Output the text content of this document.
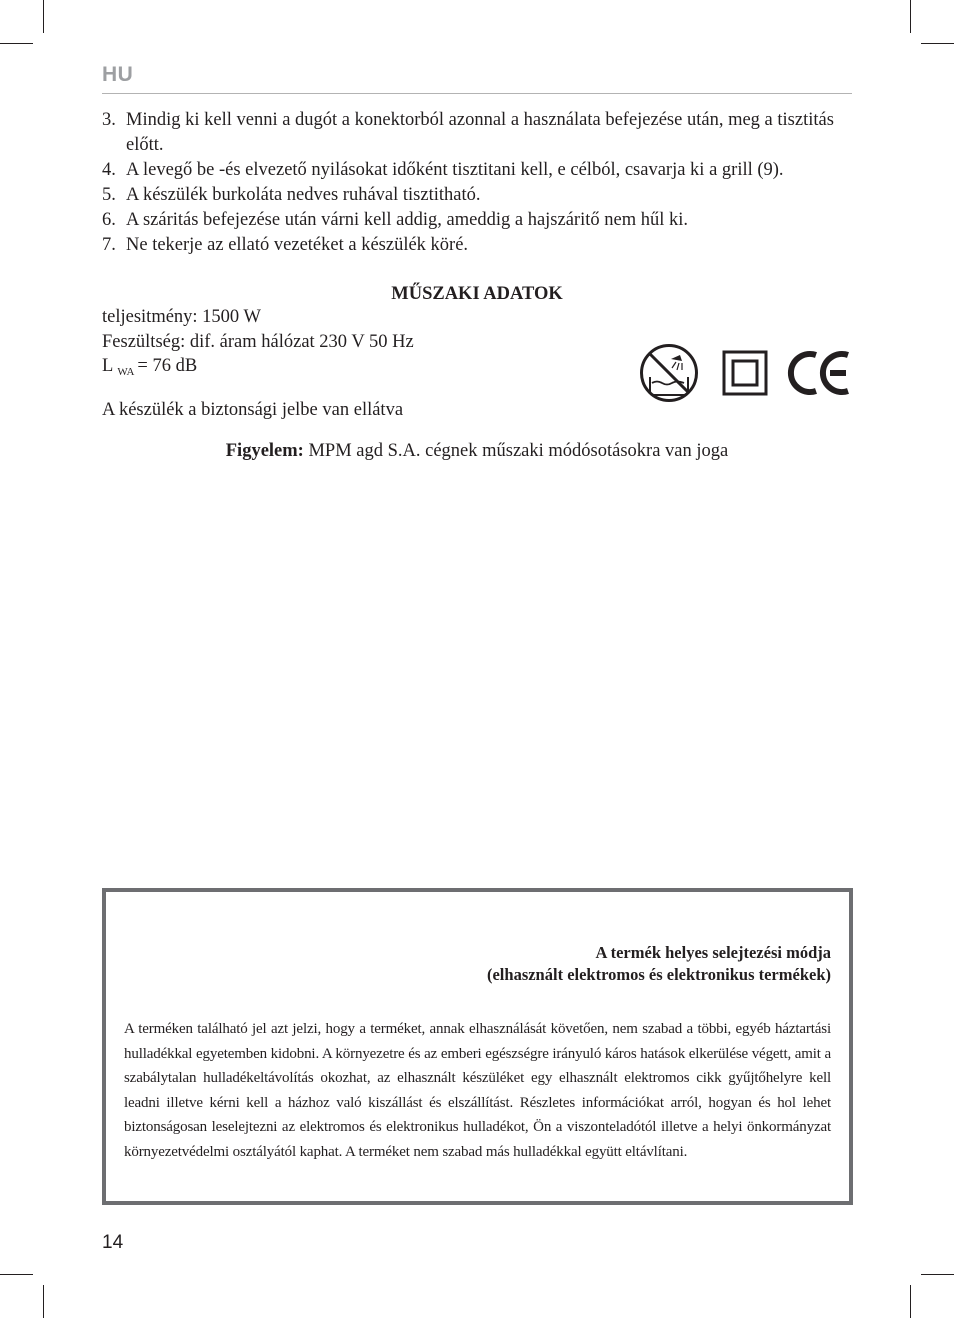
HU
3. Mindig ki kell venni a dugót a konektorból azonnal a használata befejezése után, meg a tisztitás előtt.
4. A levegő be -és elvezető nyilásokat időként tisztitani kell, e célból, csavarja ki a grill (9).
5. A készülék burkoláta nedves ruhával tisztitható.
6. A száritás befejezése után várni kell addig, ameddig a hajszáritő nem hűl ki.
7. Ne tekerje az ellató vezetéket a készülék köré.
MŰSZAKI ADATOK
teljesitmény: 1500 W
Feszültség: dif. áram hálózat 230 V 50 Hz
L $_{WA}$ = 76 dB
A készülék a biztonsági jelbe van ellátva
Figyelem: MPM agd S.A. cégnek műszaki módósotásokra van joga
A termék helyes selejtezési módja
(elhasznált elektromos és elektronikus termékek)
A terméken található jel azt jelzi, hogy a terméket, annak elhasználását követően, nem szabad a többi, egyéb háztartási hulladékkal egyetemben kidobni. A környezetre és az emberi egészségre irányuló káros hatások elkerülése végett, amit a szabálytalan hulladékeltávolítás okozhat, az elhasznált készüléket egy elhasznált elektromos cikk gyűjtőhelyre kell leadni illetve kérni kell a házhoz való kiszállást és elszállítást. Részletes információkat arról, hogyan és hol lehet biztonságosan leselejtezni az elektromos és elektronikus hulladékot, Ön a viszonteladótól illetve a helyi önkormányzat környezetvédelmi osztályától kaphat. A terméket nem szabad más hulladékkal együtt eltávlítani.
14
